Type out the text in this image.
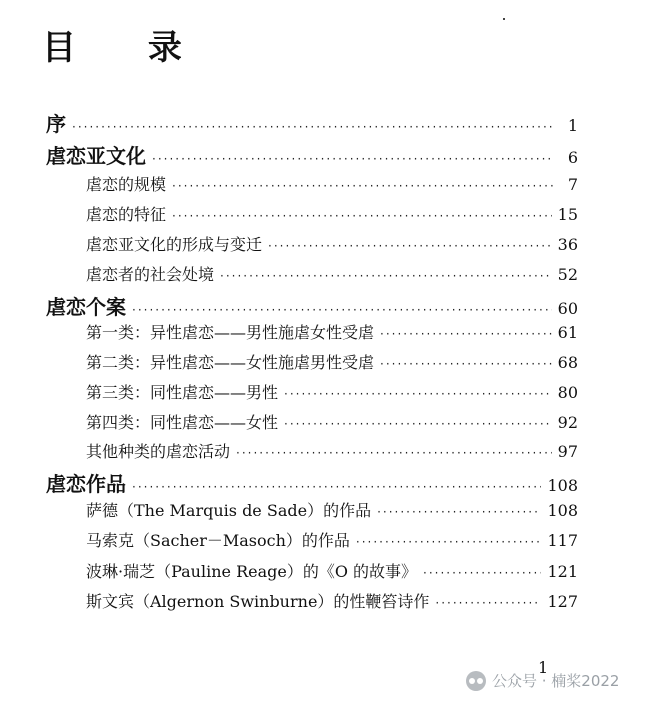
目 录
序 ·····	1
虐恋亚文化 ·····	6
虐恋的规模 ·····	7
虐恋的特征 ·····	15
虐恋亚文化的形成与变迁 ·····	36
虐恋者的社会处境 ·····	52
虐恋个案 ·····	60
第一类：异性虐恋——男性施虐女性受虐 ·····	61
第二类：异性虐恋——女性施虐男性受虐 ·····	68
第三类：同性虐恋——男性 ·····	80
第四类：同性虐恋——女性 ·····	92
其他种类的虐恋活动 ·····	97
虐恋作品 ·····	108
萨德（The Marquis de Sade）的作品 ·····	108
马索克（Sacher－Masoch）的作品 ·····	117
波琳·瑞芝（Pauline Reage）的《O 的故事》 ·····	121
斯文宾（Algernon Swinburne）的性鞭笞诗作 ·····	127

1

公众号 · 楠桨2022
